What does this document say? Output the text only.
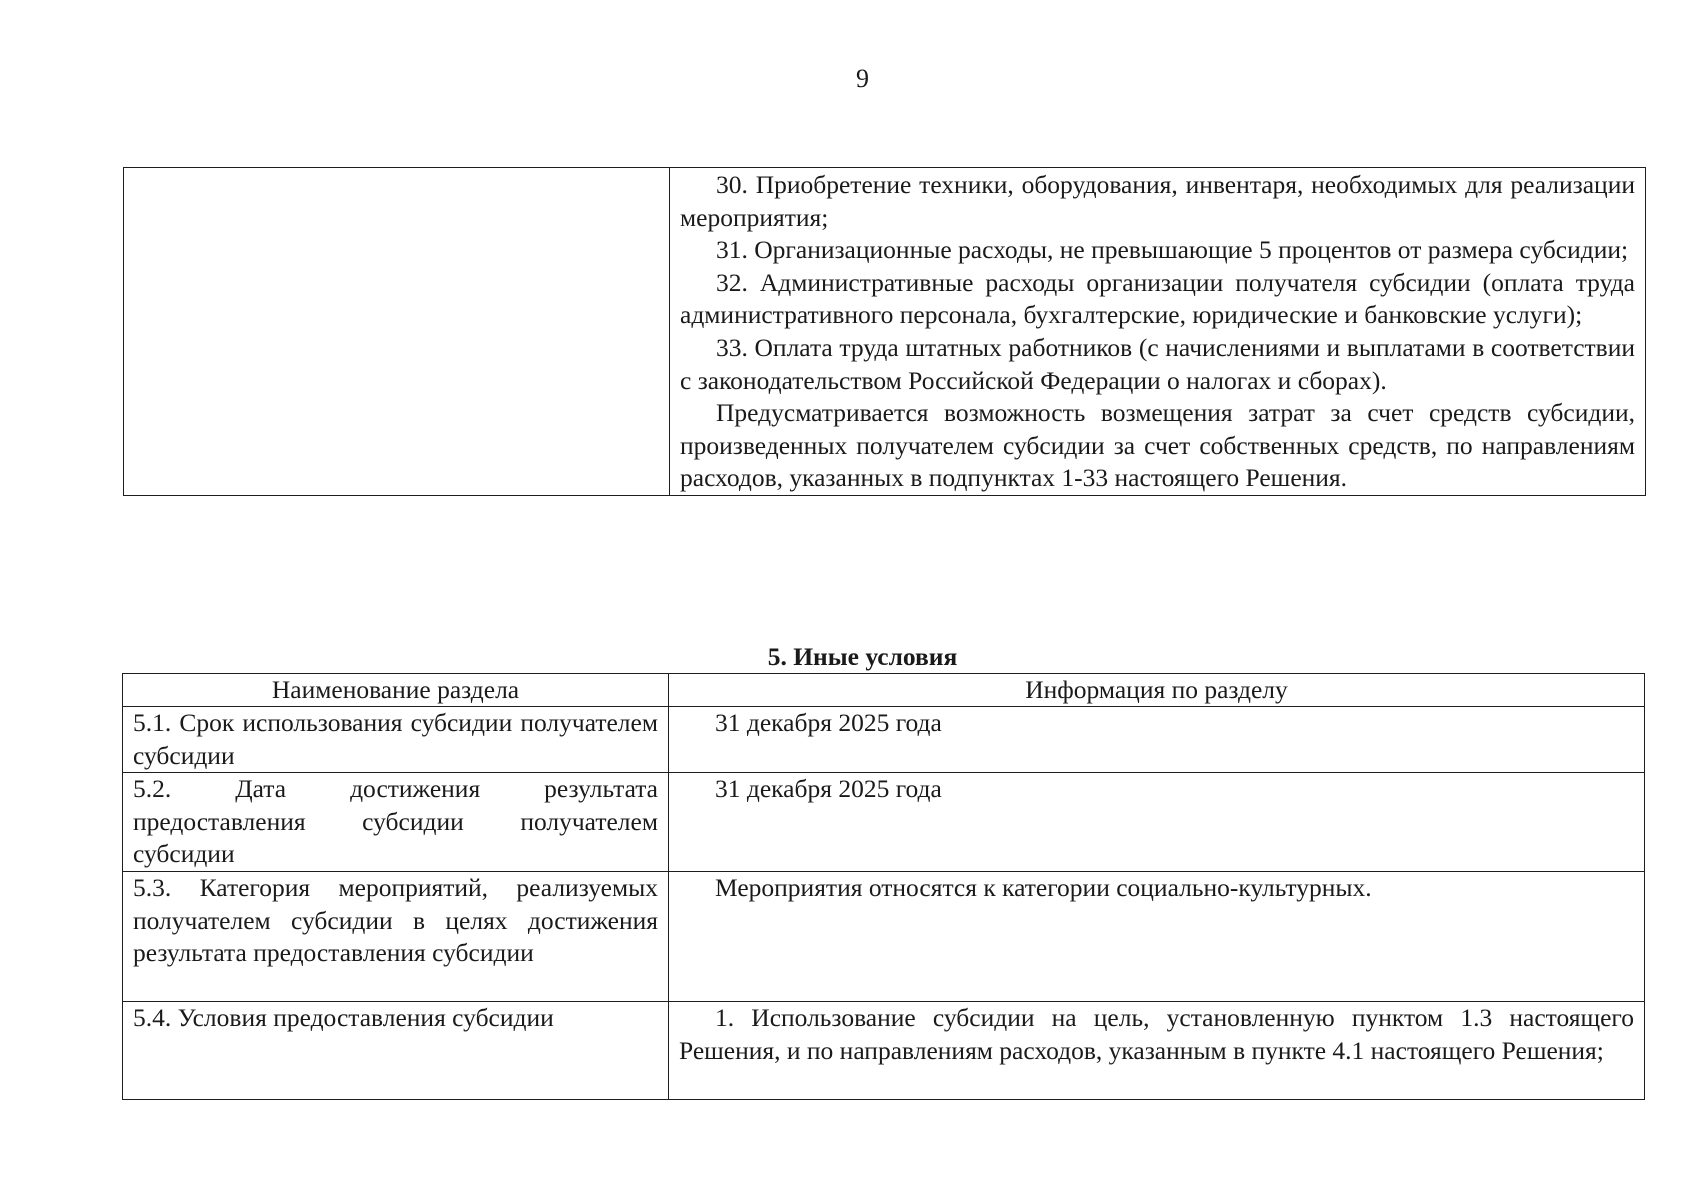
9

30. Приобретение техники, оборудования, инвентаря, необходимых для реализации мероприятия;

31. Организационные расходы, не превышающие 5 процентов от размера субсидии;

32. Административные расходы организации получателя субсидии (оплата труда административного персонала, бухгалтерские, юридические и банковские услуги);

33. Оплата труда штатных работников (с начислениями и выплатами в соответствии с законодательством Российской Федерации о налогах и сборах).

Предусматривается возможность возмещения затрат за счет средств субсидии, произведенных получателем субсидии за счет собственных средств, по направлениям расходов, указанных в подпунктах 1-33 настоящего Решения.

5. Иные условия
Наименование раздела	Информация по разделу
5.1. Срок использования субсидии получателем субсидии	31 декабря 2025 года

5.2. Дата достижения результата предоставления субсидии получателем субсидии	31 декабря 2025 года

5.3. Категория мероприятий, реализуемых получателем субсидии в целях достижения результата предоставления субсидии	Мероприятия относятся к категории социально-культурных.

5.4. Условия предоставления субсидии	1. Использование субсидии на цель, установленную пунктом 1.3 настоящего Решения, и по направлениям расходов, указанным в пункте 4.1 настоящего Решения;
